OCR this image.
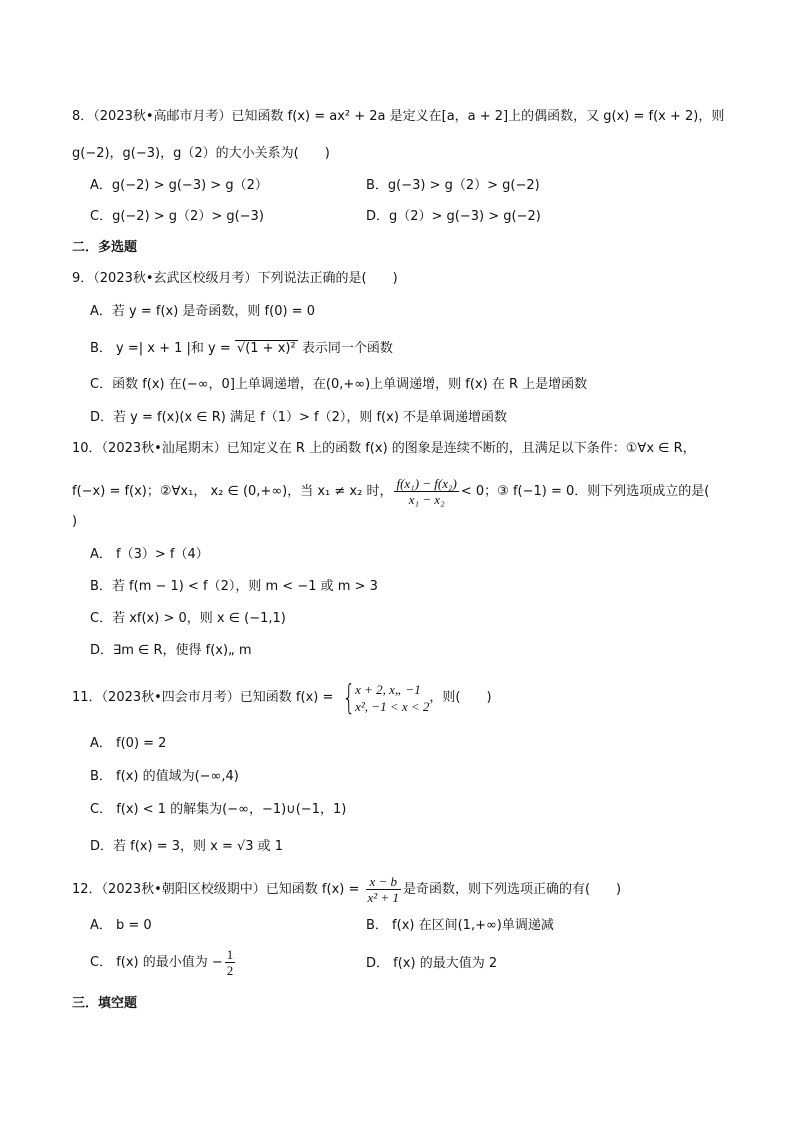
8．（2023秋•高邮市月考）已知函数 f(x) = ax² + 2a 是定义在[a，a + 2]上的偶函数，又 g(x) = f(x + 2)，则
g(−2)，g(−3)，g（2）的大小关系为(　　)
A．g(−2) > g(−3) > g（2）	B．g(−3) > g（2）> g(−2)
C．g(−2) > g（2）> g(−3)	D．g（2）> g(−3) > g(−2)
二．多选题
9．（2023秋•玄武区校级月考）下列说法正确的是(　　)
A．若 y = f(x) 是奇函数，则 f(0) = 0
B． y =| x + 1 |和 y = √(1 + x)² 表示同一个函数
C．函数 f(x) 在(−∞，0]上单调递增，在(0,+∞)上单调递增，则 f(x) 在 R 上是增函数
D．若 y = f(x)(x ∈ R) 满足 f（1）> f（2），则 f(x) 不是单调递增函数
10．（2023秋•汕尾期末）已知定义在 R 上的函数 f(x) 的图象是连续不断的，且满足以下条件：①∀x ∈ R，
f(−x) = f(x)；②∀x₁， x₂ ∈ (0,+∞)，当 x₁ ≠ x₂ 时， $\frac{\text{f(x₁) − f(x₂)}}{\text{x₁ − x₂}} < 0$；③ f(−1) = 0．则下列选项成立的是(
)
A． f（3）> f（4）
B．若 f(m − 1) < f（2），则 m < −1 或 m > 3
C．若 xf(x) > 0，则 x ∈ (−1,1)
D．∃m ∈ R，使得 f(x)„ m
11．（2023秋•四会市月考）已知函数 f(x) = { x + 2, x„ −1
x², −1 < x < 2
，则(　　)
A． f(0) = 2
B． f(x) 的值域为(−∞,4)
C． f(x) < 1 的解集为(−∞，−1)∪(−1，1)
D．若 f(x) = 3，则 x = √3 或 1
12．（2023秋•朝阳区校级期中）已知函数 $f(x) = \frac{x - b}{\text{x² + 1}}$ 是奇函数，则下列选项正确的有(　　)
A． b = 0	B． f(x) 在区间(1,+∞)单调递减
C． f(x) 的最小值为 − $\frac{1}{2}$	D． f(x) 的最大值为 2
三．填空题
